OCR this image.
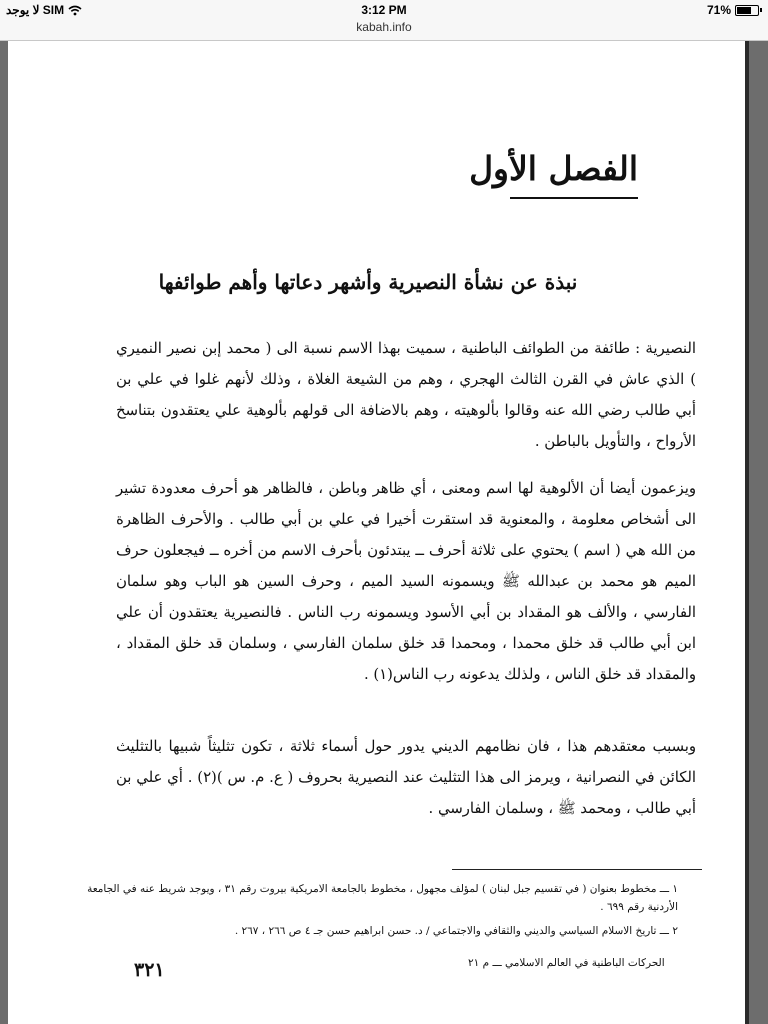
لا يوجد SIM	3:12 PM	71%
kabah.info
الفصل الأول
نبذة عن نشأة النصيرية وأشهر دعاتها وأهم طوائفها

النصيرية : طائفة من الطوائف الباطنية ، سميت بهذا الاسم نسبة الى ( محمد إبن نصير النميري ) الذي عاش في القرن الثالث الهجري ، وهم من الشيعة الغلاة ، وذلك لأنهم غلوا في علي بن أبي طالب رضي الله عنه وقالوا بألوهيته ، وهم بالاضافة الى قولهم بألوهية علي يعتقدون بتناسخ الأرواح ، والتأويل بالباطن .

ويزعمون أيضا أن الألوهية لها اسم ومعنى ، أي ظاهر وباطن ، فالظاهر هو أحرف معدودة تشير الى أشخاص معلومة ، والمعنوية قد استقرت أخيرا في علي بن أبي طالب . والأحرف الظاهرة من الله هي ( اسم ) يحتوي على ثلاثة أحرف ــ يبتدئون بأحرف الاسم من أخره ــ فيجعلون حرف الميم هو محمد بن عبدالله ﷺ ويسمونه السيد الميم ، وحرف السين هو الباب وهو سلمان الفارسي ، والألف هو المقداد بن أبي الأسود ويسمونه رب الناس . فالنصيرية يعتقدون أن علي ابن أبي طالب قد خلق محمدا ، ومحمدا قد خلق سلمان الفارسي ، وسلمان قد خلق المقداد ، والمقداد قد خلق الناس ، ولذلك يدعونه رب الناس(١) .

وبسبب معتقدهم هذا ، فان نظامهم الديني يدور حول أسماء ثلاثة ، تكون تثليثاً شبيها بالتثليث الكائن في النصرانية ، ويرمز الى هذا التثليث عند النصيرية بحروف ( ع. م. س )(٢) . أي علي بن أبي طالب ، ومحمد ﷺ ، وسلمان الفارسي .

١ ـــ مخطوط بعنوان ( في تقسيم جبل لبنان ) لمؤلف مجهول ، مخطوط بالجامعة الامريكية بيروت رقم ٣١ ، ويوجد شريط عنه في الجامعة الأردنية رقم ٦٩٩ .

٢ ـــ تاريخ الاسلام السياسي والديني والثقافي والاجتماعي / د. حسن ابراهيم حسن جـ ٤ ص ٢٦٦ ، ٢٦٧ .

٣٢١	الحركات الباطنية في العالم الاسلامي ـــ م ٢١
